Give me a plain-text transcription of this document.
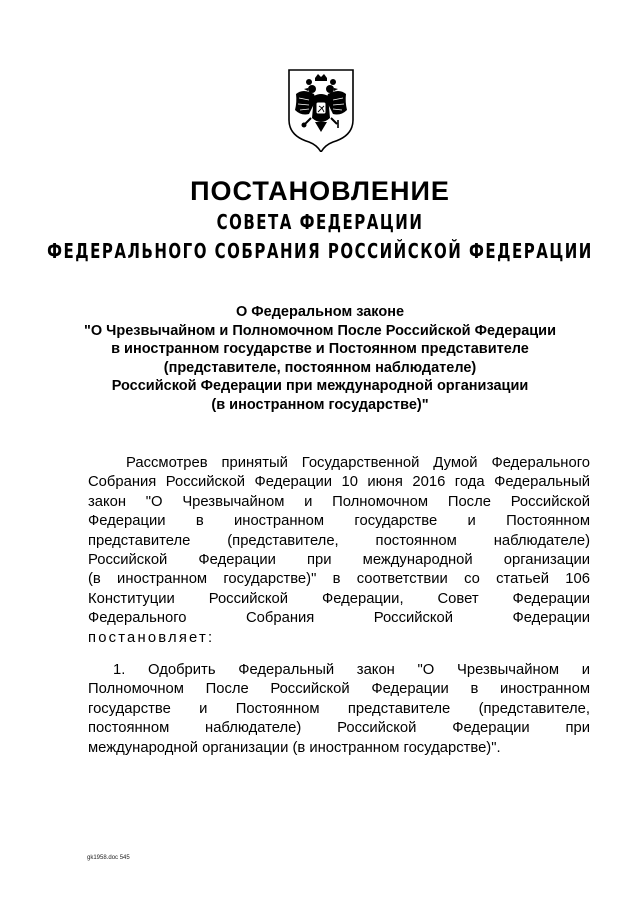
ПОСТАНОВЛЕНИЕ
СОВЕТА ФЕДЕРАЦИИ
ФЕДЕРАЛЬНОГО СОБРАНИЯ РОССИЙСКОЙ ФЕДЕРАЦИИ
О Федеральном законе
"О Чрезвычайном и Полномочном После Российской Федерации
в иностранном государстве и Постоянном представителе
(представителе, постоянном наблюдателе)
Российской Федерации при международной организации
(в иностранном государстве)"
Рассмотрев принятый Государственной Думой Федерального
Собрания Российской Федерации 10 июня 2016 года Федеральный
закон "О Чрезвычайном и Полномочном После Российской
Федерации в иностранном государстве и Постоянном
представителе (представителе, постоянном наблюдателе)
Российской Федерации при международной организации
(в иностранном государстве)" в соответствии со статьей 106
Конституции Российской Федерации, Совет Федерации
Федерального Собрания Российской Федерации
постановляет:
1. Одобрить Федеральный закон "О Чрезвычайном и
Полномочном После Российской Федерации в иностранном
государстве и Постоянном представителе (представителе,
постоянном наблюдателе) Российской Федерации при
международной организации (в иностранном государстве)".
gk1958.doc 545
